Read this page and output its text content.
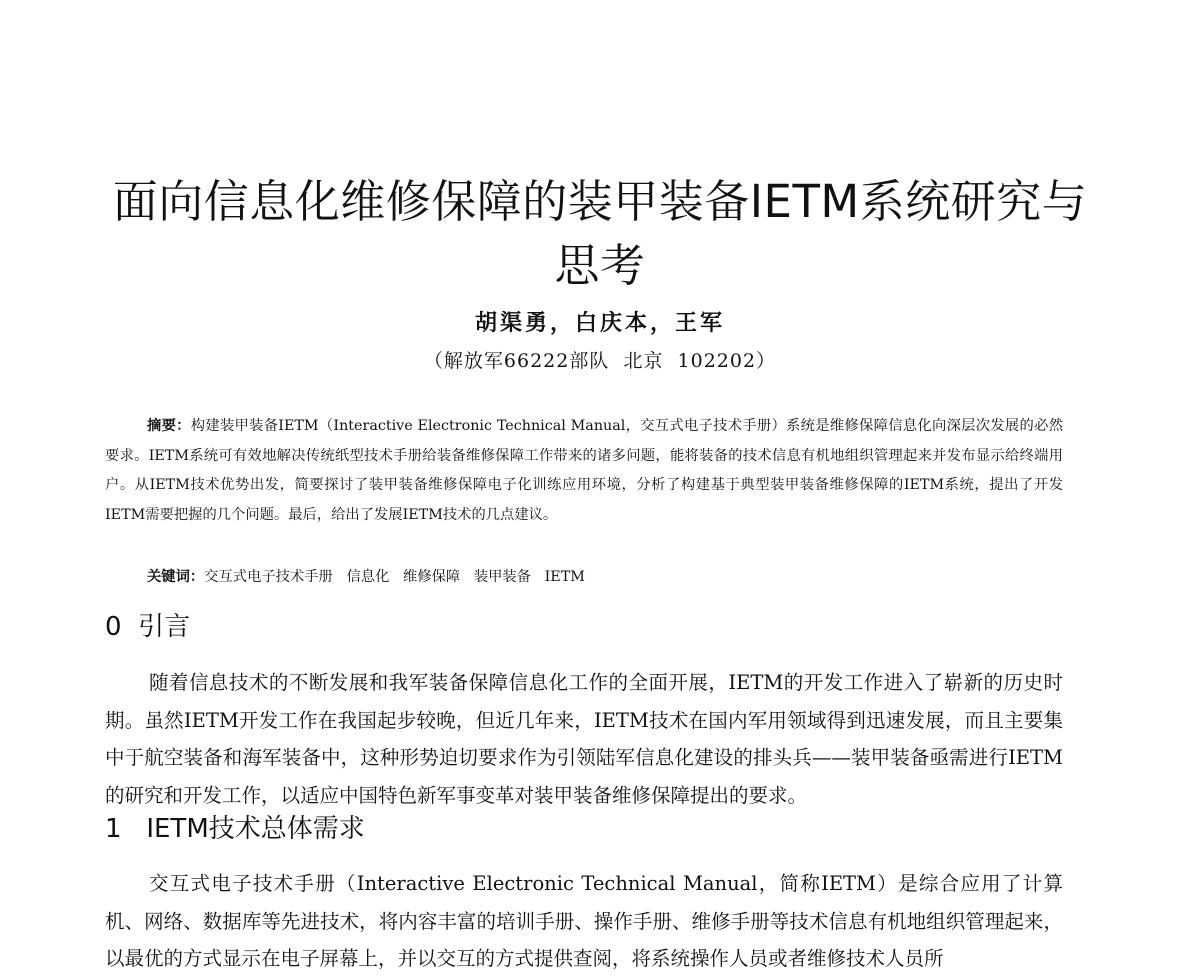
面向信息化维修保障的装甲装备IETM系统研究与思考
胡渠勇，白庆本，王军
（解放军66222部队  北京  102202）
摘要：构建装甲装备IETM（Interactive Electronic Technical Manual，交互式电子技术手册）系统是维修保障信息化向深层次发展的必然要求。IETM系统可有效地解决传统纸型技术手册给装备维修保障工作带来的诸多问题，能将装备的技术信息有机地组织管理起来并发布显示给终端用户。从IETM技术优势出发，简要探讨了装甲装备维修保障电子化训练应用环境，分析了构建基于典型装甲装备维修保障的IETM系统，提出了开发IETM需要把握的几个问题。最后，给出了发展IETM技术的几点建议。
关键词：交互式电子技术手册   信息化   维修保障   装甲装备   IETM
0  引言
随着信息技术的不断发展和我军装备保障信息化工作的全面开展，IETM的开发工作进入了崭新的历史时期。虽然IETM开发工作在我国起步较晚，但近几年来，IETM技术在国内军用领域得到迅速发展，而且主要集中于航空装备和海军装备中，这种形势迫切要求作为引领陆军信息化建设的排头兵——装甲装备亟需进行IETM的研究和开发工作，以适应中国特色新军事变革对装甲装备维修保障提出的要求。
1   IETM技术总体需求
交互式电子技术手册（Interactive Electronic Technical Manual，简称IETM）是综合应用了计算机、网络、数据库等先进技术，将内容丰富的培训手册、操作手册、维修手册等技术信息有机地组织管理起来，以最优的方式显示在电子屏幕上，并以交互的方式提供查阅，将系统操作人员或者维修技术人员所
